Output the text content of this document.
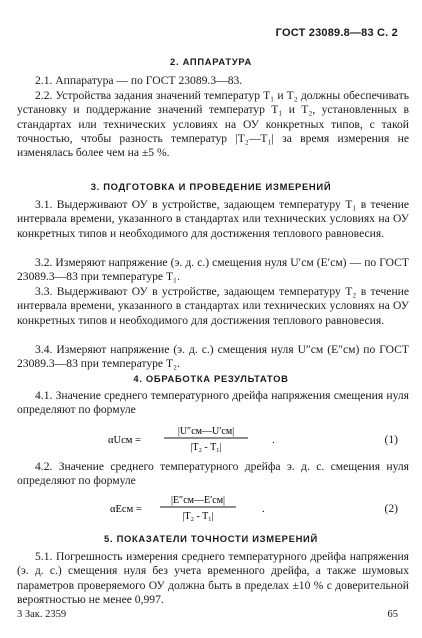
ГОСТ 23089.8—83 С. 2
2. АППАРАТУРА

2.1. Аппаратура — по ГОСТ 23089.3—83.

2.2. Устройства задания значений температур T₁ и T₂ должны обеспечивать установку и поддержание значений температур T₁ и T₂, установленных в стандартах или технических условиях на ОУ конкретных типов, с такой точностью, чтобы разность температур |T₂—T₁| за время измерения не изменялась более чем на ±5 %.

3. ПОДГОТОВКА И ПРОВЕДЕНИЕ ИЗМЕРЕНИЙ

3.1. Выдерживают ОУ в устройстве, задающем температуру T₁ в течение интервала времени, указанного в стандартах или технических условиях на ОУ конкретных типов и необходимого для достижения теплового равновесия.

3.2. Измеряют напряжение (э. д. с.) смещения нуля U′см (E′см) — по ГОСТ 23089.3—83 при температуре T₁.

3.3. Выдерживают ОУ в устройстве, задающем температуру T₂ в течение интервала времени, указанного в стандартах или технических условиях на ОУ конкретных типов и необходимого для достижения теплового равновесия.

3.4. Измеряют напряжение (э. д. с.) смещения нуля U″см (E″см) по ГОСТ 23089.3—83 при температуре T₂.

4. ОБРАБОТКА РЕЗУЛЬТАТОВ

4.1. Значение среднего температурного дрейфа напряжения смещения нуля определяют по формуле

αUсм =
|U″см—U′см|
|T₂ - T₁|
.	(1)

4.2. Значение среднего температурного дрейфа э. д. с. смещения нуля определяют по формуле

αEсм =
|E″см—E′см|
|T₂ - T₁|
.	(2)
5. ПОКАЗАТЕЛИ ТОЧНОСТИ ИЗМЕРЕНИЙ

5.1. Погрешность измерения среднего температурного дрейфа напряжения (э. д. с.) смещения нуля без учета временного дрейфа, а также шумовых параметров проверяемого ОУ должна быть в пределах ±10 % с доверительной вероятностью не менее 0,997.

3 Зак. 2359	65
